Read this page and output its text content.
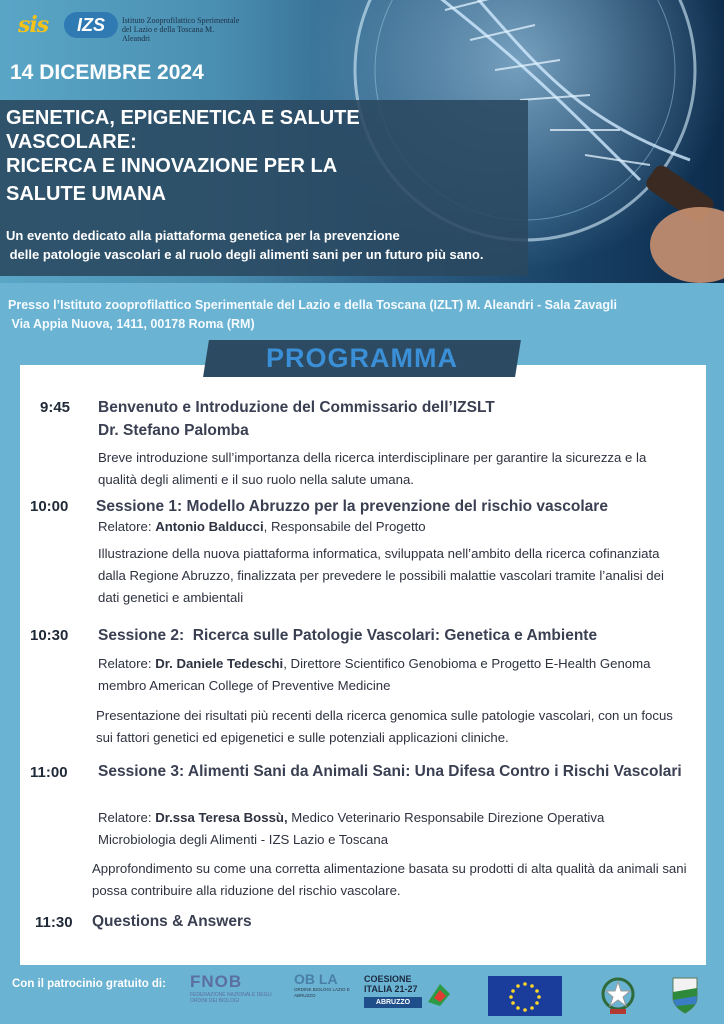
sis	IZS	Istituto Zooprofilattico Sperimentale del Lazio e della Toscana M. Aleandri
14 DICEMBRE 2024
GENETICA, EPIGENETICA E SALUTE
VASCOLARE:
RICERCA E INNOVAZIONE PER LA
SALUTE UMANA
Un evento dedicato alla piattaforma genetica per la prevenzione
delle patologie vascolari e al ruolo degli alimenti sani per un futuro più sano.
Presso l’Istituto zooprofilattico Sperimentale del Lazio e della Toscana (IZLT) M. Aleandri - Sala Zavagli
Via Appia Nuova, 1411, 00178 Roma (RM)
PROGRAMMA
9:45 Benvenuto e Introduzione del Commissario dell’IZSLT
Dr. Stefano Palomba
Breve introduzione sull’importanza della ricerca interdisciplinare per garantire la sicurezza e la qualità degli alimenti e il suo ruolo nella salute umana.
10:00 Sessione 1: Modello Abruzzo per la prevenzione del rischio vascolare
Relatore: Antonio Balducci, Responsabile del Progetto
Illustrazione della nuova piattaforma informatica, sviluppata nell’ambito della ricerca cofinanziata dalla Regione Abruzzo, finalizzata per prevedere le possibili malattie vascolari tramite l’analisi dei dati genetici e ambientali
10:30 Sessione 2:  Ricerca sulle Patologie Vascolari: Genetica e Ambiente
Relatore: Dr. Daniele Tedeschi, Direttore Scientifico Genobioma e Progetto E-Health Genoma membro American College of Preventive Medicine
Presentazione dei risultati più recenti della ricerca genomica sulle patologie vascolari, con un focus sui fattori genetici ed epigenetici e sulle potenziali applicazioni cliniche.
11:00 Sessione 3: Alimenti Sani da Animali Sani: Una Difesa Contro i Rischi Vascolari
Relatore: Dr.ssa Teresa Bossù, Medico Veterinario Responsabile Direzione Operativa Microbiologia degli Alimenti - IZS Lazio e Toscana
Approfondimento su come una corretta alimentazione basata su prodotti di alta qualità da animali sani possa contribuire alla riduzione del rischio vascolare.
11:30 Questions & Answers
Con il patrocinio gratuito di: FNOB
FEDERAZIONE NAZIONALE DEGLI ORDINI DEI BIOLOGI
OB LA
ORDINE BIOLOGI LAZIO E ABRUZZO
COESIONE ITALIA 21-27
ABRUZZO
